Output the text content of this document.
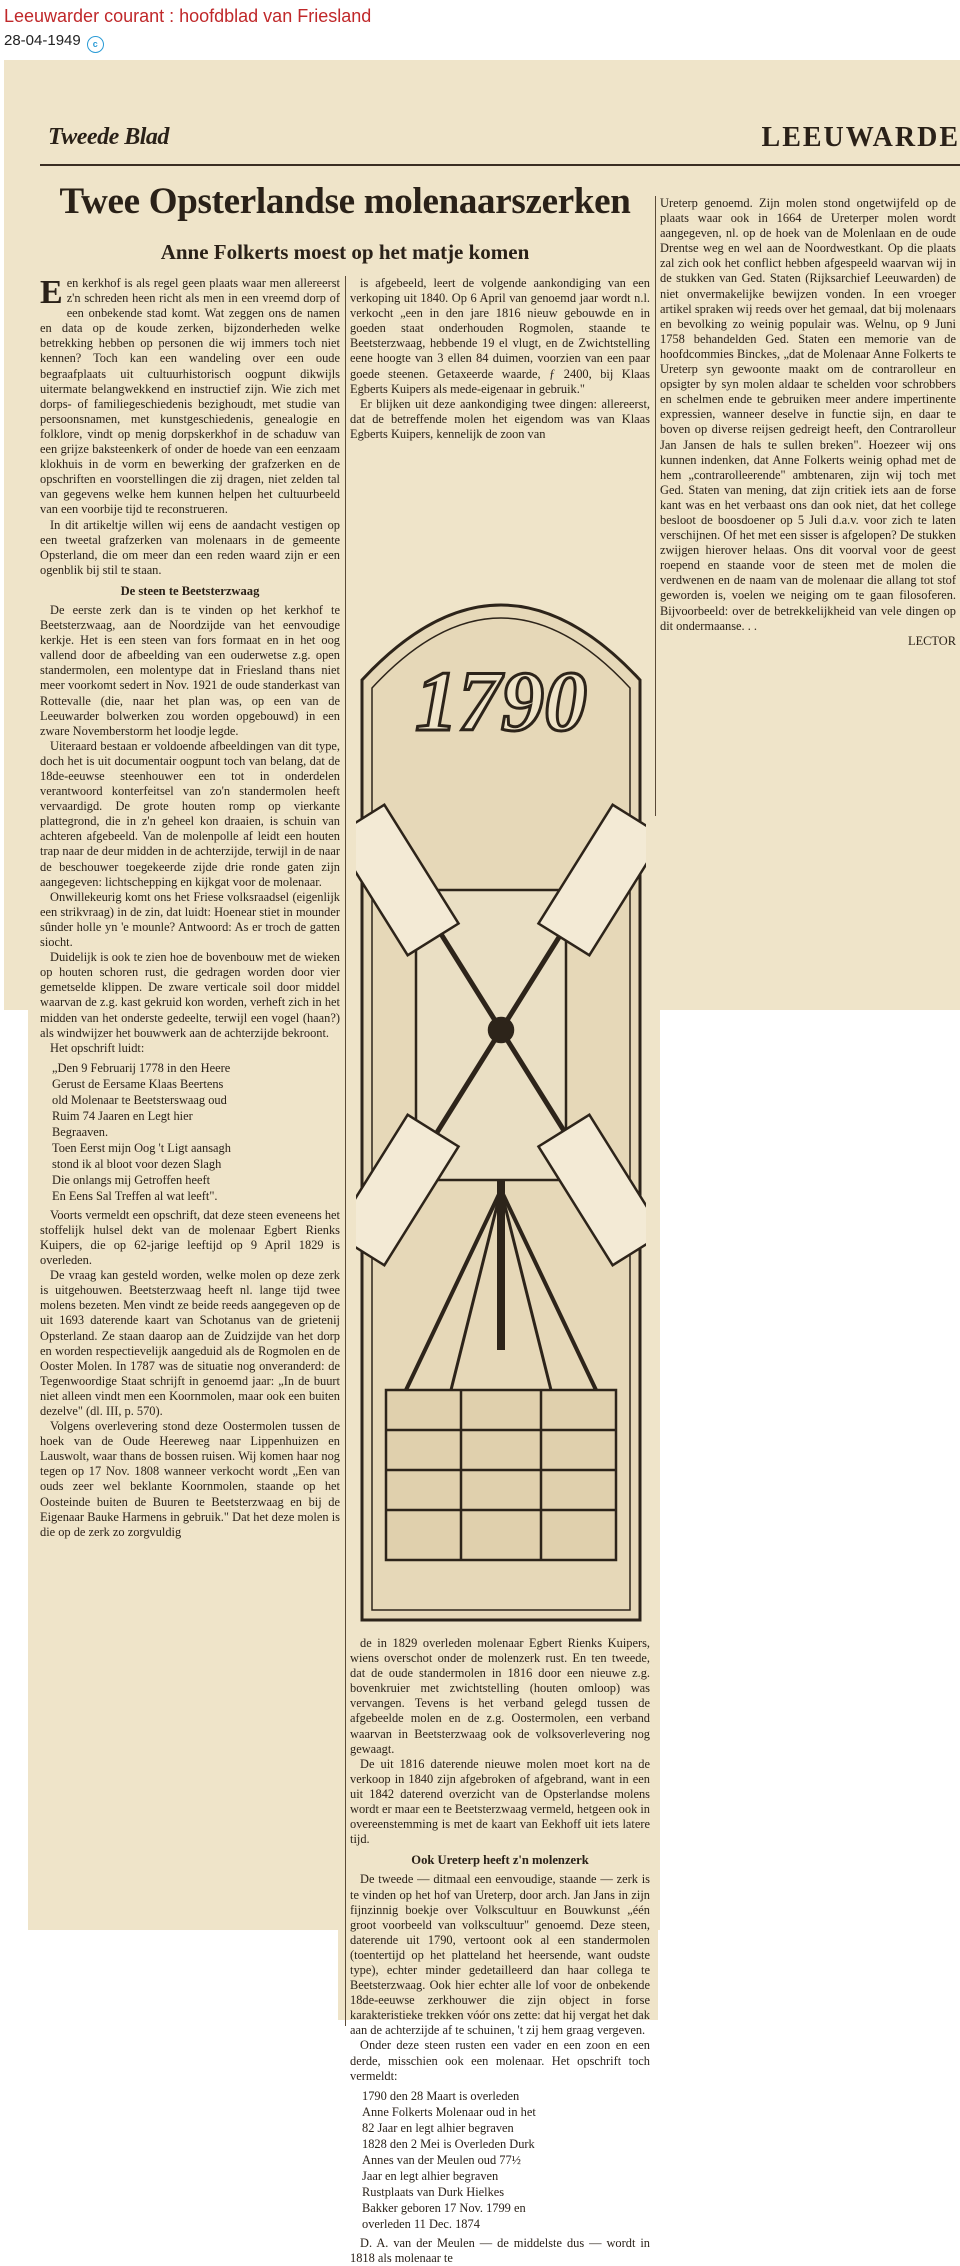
Leeuwarder courant : hoofdblad van Friesland
28-04-1949 c
Tweede Blad	LEEUWARDE
Twee Opsterlandse molenaarszerken
Anne Folkerts moest op het matje komen

Een kerkhof is als regel geen plaats waar men allereerst z'n schreden heen richt als men in een vreemd dorp of een onbekende stad komt. Wat zeggen ons de namen en data op de koude zerken, bijzonderheden welke betrekking hebben op personen die wij immers toch niet kennen? Toch kan een wandeling over een oude begraafplaats uit cultuurhistorisch oogpunt dikwijls uitermate belangwekkend en instructief zijn. Wie zich met dorps- of familiegeschiedenis bezighoudt, met studie van persoonsnamen, met kunstgeschiedenis, genealogie en folklore, vindt op menig dorpskerkhof in de schaduw van een grijze baksteenkerk of onder de hoede van een eenzaam klokhuis in de vorm en bewerking der grafzerken en de opschriften en voorstellingen die zij dragen, niet zelden tal van gegevens welke hem kunnen helpen het cultuurbeeld van een voorbije tijd te reconstrueren.

In dit artikeltje willen wij eens de aandacht vestigen op een tweetal grafzerken van molenaars in de gemeente Opsterland, die om meer dan een reden waard zijn er een ogenblik bij stil te staan.

De steen te Beetsterzwaag

De eerste zerk dan is te vinden op het kerkhof te Beetsterzwaag, aan de Noordzijde van het eenvoudige kerkje. Het is een steen van fors formaat en in het oog vallend door de afbeelding van een ouderwetse z.g. open standermolen, een molentype dat in Friesland thans niet meer voorkomt sedert in Nov. 1921 de oude standerkast van Rottevalle (die, naar het plan was, op een van de Leeuwarder bolwerken zou worden opgebouwd) in een zware Novemberstorm het loodje legde.

Uiteraard bestaan er voldoende afbeeldingen van dit type, doch het is uit documentair oogpunt toch van belang, dat de 18de-eeuwse steenhouwer een tot in onderdelen verantwoord konterfeitsel van zo'n standermolen heeft vervaardigd. De grote houten romp op vierkante plattegrond, die in z'n geheel kon draaien, is schuin van achteren afgebeeld. Van de molenpolle af leidt een houten trap naar de deur midden in de achterzijde, terwijl in de naar de beschouwer toegekeerde zijde drie ronde gaten zijn aangegeven: lichtschepping en kijkgat voor de molenaar.

Onwillekeurig komt ons het Friese volksraadsel (eigenlijk een strikvraag) in de zin, dat luidt: Hoenear stiet in mounder sûnder holle yn 'e mounle? Antwoord: As er troch de gatten siocht.

Duidelijk is ook te zien hoe de bovenbouw met de wieken op houten schoren rust, die gedragen worden door vier gemetselde klippen. De zware verticale soil door middel waarvan de z.g. kast gekruid kon worden, verheft zich in het midden van het onderste gedeelte, terwijl een vogel (haan?) als windwijzer het bouwwerk aan de achterzijde bekroont.

Het opschrift luidt:

„Den 9 Februarij 1778 in den Heere
Gerust de Eersame Klaas Beertens
old Molenaar te Beetsterswaag oud
Ruim 74 Jaaren en Legt hier
Begraaven.
Toen Eerst mijn Oog 't Ligt aansagh
stond ik al bloot voor dezen Slagh
Die onlangs mij Getroffen heeft
En Eens Sal Treffen al wat leeft".

Voorts vermeldt een opschrift, dat deze steen eveneens het stoffelijk hulsel dekt van de molenaar Egbert Rienks Kuipers, die op 62-jarige leeftijd op 9 April 1829 is overleden.

De vraag kan gesteld worden, welke molen op deze zerk is uitgehouwen. Beetsterzwaag heeft nl. lange tijd twee molens bezeten. Men vindt ze beide reeds aangegeven op de uit 1693 daterende kaart van Schotanus van de grietenij Opsterland. Ze staan daarop aan de Zuidzijde van het dorp en worden respectievelijk aangeduid als de Rogmolen en de Ooster Molen. In 1787 was de situatie nog onveranderd: de Tegenwoordige Staat schrijft in genoemd jaar: „In de buurt niet alleen vindt men een Koornmolen, maar ook een buiten dezelve" (dl. III, p. 570).

Volgens overlevering stond deze Oostermolen tussen de hoek van de Oude Heereweg naar Lippenhuizen en Lauswolt, waar thans de bossen ruisen. Wij komen haar nog tegen op 17 Nov. 1808 wanneer verkocht wordt „Een van ouds zeer wel beklante Koornmolen, staande op het Oosteinde buiten de Buuren te Beetsterzwaag en bij de Eigenaar Bauke Harmens in gebruik." Dat het deze molen is die op de zerk zo zorgvuldig

is afgebeeld, leert de volgende aankondiging van een verkoping uit 1840. Op 6 April van genoemd jaar wordt n.l. verkocht „een in den jare 1816 nieuw gebouwde en in goeden staat onderhouden Rogmolen, staande te Beetsterzwaag, hebbende 19 el vlugt, en de Zwichtstelling eene hoogte van 3 ellen 84 duimen, voorzien van een paar goede steenen. Getaxeerde waarde, ƒ 2400, bij Klaas Egberts Kuipers als mede-eigenaar in gebruik."

Er blijken uit deze aankondiging twee dingen: allereerst, dat de betreffende molen het eigendom was van Klaas Egberts Kuipers, kennelijk de zoon van

1790

de in 1829 overleden molenaar Egbert Rienks Kuipers, wiens overschot onder de molenzerk rust. En ten tweede, dat de oude standermolen in 1816 door een nieuwe z.g. bovenkruier met zwichtstelling (houten omloop) was vervangen. Tevens is het verband gelegd tussen de afgebeelde molen en de z.g. Oostermolen, een verband waarvan in Beetsterzwaag ook de volksoverlevering nog gewaagt.

De uit 1816 daterende nieuwe molen moet kort na de verkoop in 1840 zijn afgebroken of afgebrand, want in een uit 1842 daterend overzicht van de Opsterlandse molens wordt er maar een te Beetsterzwaag vermeld, hetgeen ook in overeenstemming is met de kaart van Eekhoff uit iets latere tijd.

Ook Ureterp heeft z'n molenzerk

De tweede — ditmaal een eenvoudige, staande — zerk is te vinden op het hof van Ureterp, door arch. Jan Jans in zijn fijnzinnig boekje over Volkscultuur en Bouwkunst „één groot voorbeeld van volkscultuur" genoemd. Deze steen, daterende uit 1790, vertoont ook al een standermolen (toentertijd op het platteland het heersende, want oudste type), echter minder gedetailleerd dan haar collega te Beetsterzwaag. Ook hier echter alle lof voor de onbekende 18de-eeuwse zerkhouwer die zijn object in forse karakteristieke trekken vóór ons zette: dat hij vergat het dak aan de achterzijde af te schuinen, 't zij hem graag vergeven.

Onder deze steen rusten een vader en een zoon en een derde, misschien ook een molenaar. Het opschrift toch vermeldt:

1790 den 28 Maart is overleden
Anne Folkerts Molenaar oud in het
82 Jaar en legt alhier begraven
1828 den 2 Mei is Overleden Durk
Annes van der Meulen oud 77½
Jaar en legt alhier begraven
Rustplaats van Durk Hielkes
Bakker geboren 17 Nov. 1799 en
overleden 11 Dec. 1874

D. A. van der Meulen — de middelste dus — wordt in 1818 als molenaar te

Ureterp genoemd. Zijn molen stond ongetwijfeld op de plaats waar ook in 1664 de Ureterper molen wordt aangegeven, nl. op de hoek van de Molenlaan en de oude Drentse weg en wel aan de Noordwestkant. Op die plaats zal zich ook het conflict hebben afgespeeld waarvan wij in de stukken van Ged. Staten (Rijksarchief Leeuwarden) de niet onvermakelijke bewijzen vonden. In een vroeger artikel spraken wij reeds over het gemaal, dat bij molenaars en bevolking zo weinig populair was. Welnu, op 9 Juni 1758 behandelden Ged. Staten een memorie van de hoofdcommies Binckes, „dat de Molenaar Anne Folkerts te Ureterp syn gewoonte maakt om de contrarolleur en opsigter by syn molen aldaar te schelden voor schrobbers en schelmen ende te gebruiken meer andere impertinente expressien, wanneer deselve in functie sijn, en daar te boven op diverse reijsen gedreigt heeft, den Contrarolleur Jan Jansen de hals te sullen breken". Hoezeer wij ons kunnen indenken, dat Anne Folkerts weinig ophad met de hem „contrarolleerende" ambtenaren, zijn wij toch met Ged. Staten van mening, dat zijn critiek iets aan de forse kant was en het verbaast ons dan ook niet, dat het college besloot de boosdoener op 5 Juli d.a.v. voor zich te laten verschijnen. Of het met een sisser is afgelopen? De stukken zwijgen hierover helaas. Ons dit voorval voor de geest roepend en staande voor de steen met de molen die verdwenen en de naam van de molenaar die allang tot stof geworden is, voelen we neiging om te gaan filosoferen. Bijvoorbeeld: over de betrekkelijkheid van vele dingen op dit ondermaanse. . .

LECTOR
